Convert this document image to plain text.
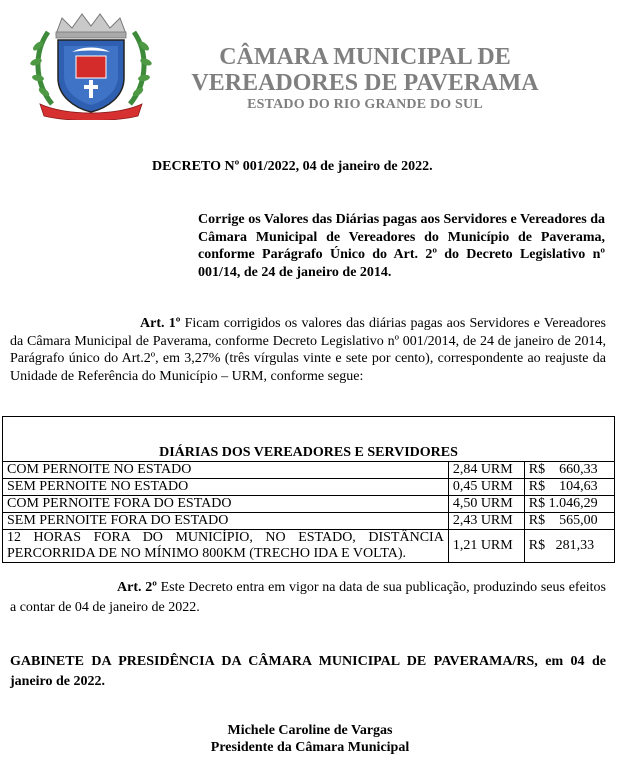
CÂMARA MUNICIPAL DE
VEREADORES DE PAVERAMA
ESTADO DO RIO GRANDE DO SUL
DECRETO Nº 001/2022, 04 de janeiro de 2022.
Corrige os Valores das Diárias pagas aos Servidores e Vereadores da Câmara Municipal de Vereadores do Município de Paverama, conforme Parágrafo Único do Art. 2º do Decreto Legislativo nº 001/14, de 24 de janeiro de 2014.
Art. 1º Ficam corrigidos os valores das diárias pagas aos Servidores e Vereadores da Câmara Municipal de Paverama, conforme Decreto Legislativo nº 001/2014, de 24 de janeiro de 2014, Parágrafo único do Art.2º, em 3,27% (três vírgulas vinte e sete por cento), correspondente ao reajuste da Unidade de Referência do Município – URM, conforme segue:
DIÁRIAS DOS VEREADORES E SERVIDORES		
COM PERNOITE NO ESTADO	2,84 URM	R$    660,33
SEM PERNOITE NO ESTADO	0,45 URM	R$    104,63
COM PERNOITE FORA DO ESTADO	4,50 URM	R$ 1.046,29
SEM PERNOITE FORA DO ESTADO	2,43 URM	R$    565,00
12 HORAS FORA DO MUNICÍPIO, NO ESTADO, DISTÂNCIA PERCORRIDA DE NO MÍNIMO 800KM (TRECHO IDA E VOLTA).	1,21 URM	R$   281,33
Art. 2º Este Decreto entra em vigor na data de sua publicação, produzindo seus efeitos a contar de 04 de janeiro de 2022.
GABINETE DA PRESIDÊNCIA DA CÂMARA MUNICIPAL DE PAVERAMA/RS, em 04 de janeiro de 2022.
Michele Caroline de Vargas
Presidente da Câmara Municipal
